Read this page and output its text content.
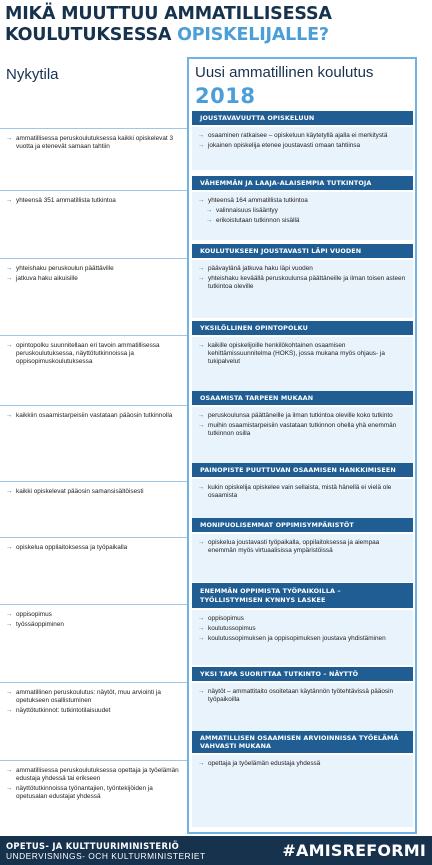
MIKÄ MUUTTUU AMMATILLISESSA
KOULUTUKSESSA OPISKELIJALLE?
Nykytila	Uusi ammatillinen koulutus
2018
→ ammatillisessa peruskoulutuksessa kaikki opiskelevat 3 vuotta ja etenevät samaan tahtiin
JOUSTAVAVUUTTA OPISKELUUN
→ osaaminen ratkaisee – opiskeluun käytetyllä ajalla ei merkitystä
→ jokainen opiskelija etenee joustavasti omaan tahtiinsa
→ yhteensä 351 ammatillista tutkintoa
VÄHEMMÄN JA LAAJA-ALAISEMPIA TUTKINTOJA
→ yhteensä 164 ammatillista tutkintoa
→ valinnaisuus lisääntyy
→ erikoistutaan tutkinnon sisällä
→ yhteishaku peruskoulun päättäville
→ jatkuva haku aikuisille
KOULUTUKSEEN JOUSTAVASTI LÄPI VUODEN
→ päävaylänä jatkuva haku läpi vuoden
→ yhteishaku keväällä peruskoulunsa päättäneille ja ilman toisen asteen tutkintoa oleville
→ opintopolku suunnitellaan eri tavoin ammatillisessa peruskoulutuksessa, näyttötutkinnoissa ja oppisopimuskoulutuksessa
YKSILÖLLINEN OPINTOPOLKU
→ kaikille opiskelijoille henkilökohtainen osaamisen kehittämissuunnitelma (HOKS), jossa mukana myös ohjaus- ja tukipalvelut
→ kaikkiin osaamistarpeisiin vastataan pääosin tutkinnolla
OSAAMISTA TARPEEN MUKAAN
→ peruskoulunsa päättäneille ja ilman tutkintoa oleville koko tutkinto
→ muihin osaamistarpeisiin vastataan tutkinnon ohella yhä enemmän tutkinnon osilla
→ kaikki opiskelevat pääosin samansisältöisesti
PAINOPISTE PUUTTUVAN OSAAMISEN HANKKIMISEEN
→ kukin opiskelija opiskelee vain sellaista, mistä hänellä ei vielä ole osaamista
→ opiskelua oppilaitoksessa ja työpaikalla
MONIPUOLISEMMAT OPPIMISYMPÄRISTÖT
→ opiskelua joustavasti työpaikalla, oppilaitoksessa ja aiempaa enemmän myös virtuaalisissa ympäristöissä
→ oppisopimus
→ työssäoppiminen
ENEMMÄN OPPIMISTA TYÖPAIKOILLA – TYÖLLISTYMISEN KYNNYS LASKEE
→ oppisopimus
→ koulutussopimus
→ koulutussopimuksen ja oppisopimuksen joustava yhdistäminen
→ ammatillinen peruskoulutus: näytöt, muu arviointi ja opetukseen osallistuminen
→ näyttötutkinnot: tutkintotilaisuudet
YKSI TAPA SUORITTAA TUTKINTO – NÄYTTÖ
→ näytöt – ammattitaito osoitetaan käytännön työtehtävissä pääosin työpaikoilla
→ ammatillisessa peruskoulutuksessa opettaja ja työelämän edustaja yhdessä tai erikseen
→ näyttötutkinnoissa työnantajien, työntekijöiden ja opetusalan edustajat yhdessä
AMMATILLISEN OSAAMISEN ARVIOINNISSA TYÖELÄMÄ VAHVASTI MUKANA
→ opettaja ja työelämän edustaja yhdessä
OPETUS- JA KULTTUURIMINISTERIÖ
UNDERVISNINGS- OCH KULTURMINISTERIET	#AMISREFORMI
